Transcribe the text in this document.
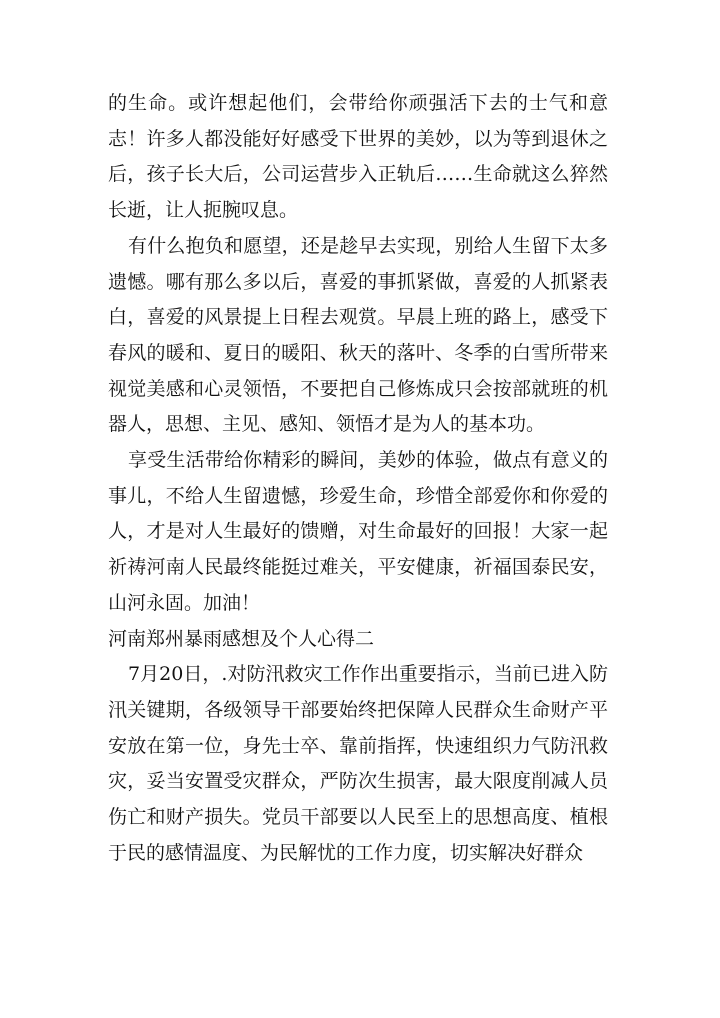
的生命。或许想起他们，会带给你顽强活下去的士气和意志！许多人都没能好好感受下世界的美妙，以为等到退休之后，孩子长大后，公司运营步入正轨后……生命就这么猝然长逝，让人扼腕叹息。

有什么抱负和愿望，还是趁早去实现，别给人生留下太多遗憾。哪有那么多以后，喜爱的事抓紧做，喜爱的人抓紧表白，喜爱的风景提上日程去观赏。早晨上班的路上，感受下春风的暖和、夏日的暖阳、秋天的落叶、冬季的白雪所带来视觉美感和心灵领悟，不要把自己修炼成只会按部就班的机器人，思想、主见、感知、领悟才是为人的基本功。

享受生活带给你精彩的瞬间，美妙的体验，做点有意义的事儿，不给人生留遗憾，珍爱生命，珍惜全部爱你和你爱的人，才是对人生最好的馈赠，对生命最好的回报！大家一起祈祷河南人民最终能挺过难关，平安健康，祈福国泰民安，山河永固。加油！

河南郑州暴雨感想及个人心得二

7月20日，.对防汛救灾工作作出重要指示，当前已进入防汛关键期，各级领导干部要始终把保障人民群众生命财产平安放在第一位，身先士卒、靠前指挥，快速组织力气防汛救灾，妥当安置受灾群众，严防次生损害，最大限度削减人员伤亡和财产损失。党员干部要以人民至上的思想高度、植根于民的感情温度、为民解忧的工作力度，切实解决好群众
